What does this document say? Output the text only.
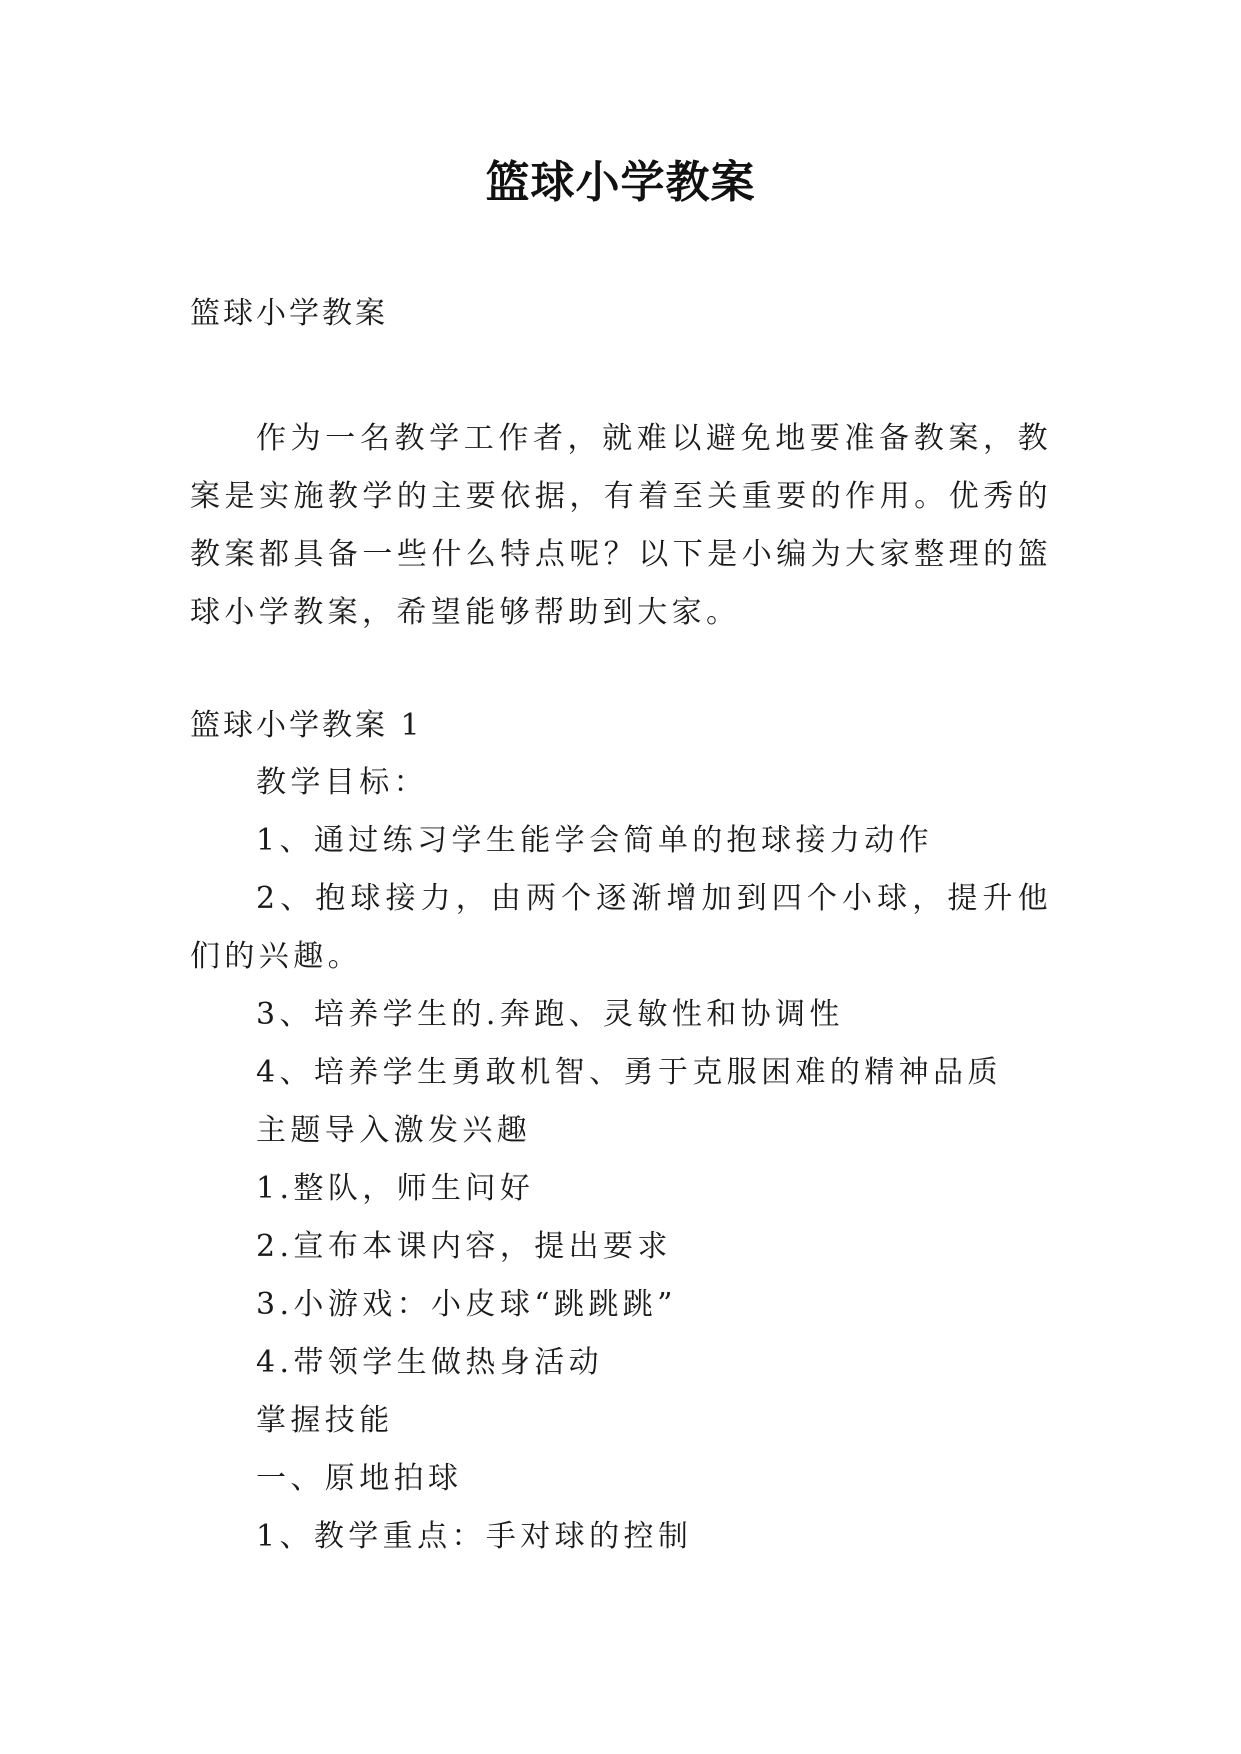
篮球小学教案
篮球小学教案
作为一名教学工作者，就难以避免地要准备教案，教案是实施教学的主要依据，有着至关重要的作用。优秀的教案都具备一些什么特点呢？以下是小编为大家整理的篮球小学教案，希望能够帮助到大家。
篮球小学教案 1
教学目标：
1、通过练习学生能学会简单的抱球接力动作
2、抱球接力，由两个逐渐增加到四个小球，提升他们的兴趣。
3、培养学生的.奔跑、灵敏性和协调性
4、培养学生勇敢机智、勇于克服困难的精神品质
主题导入激发兴趣
1.整队，师生问好
2.宣布本课内容，提出要求
3.小游戏：小皮球“跳跳跳”
4.带领学生做热身活动
掌握技能
一、原地拍球
1、教学重点：手对球的控制
